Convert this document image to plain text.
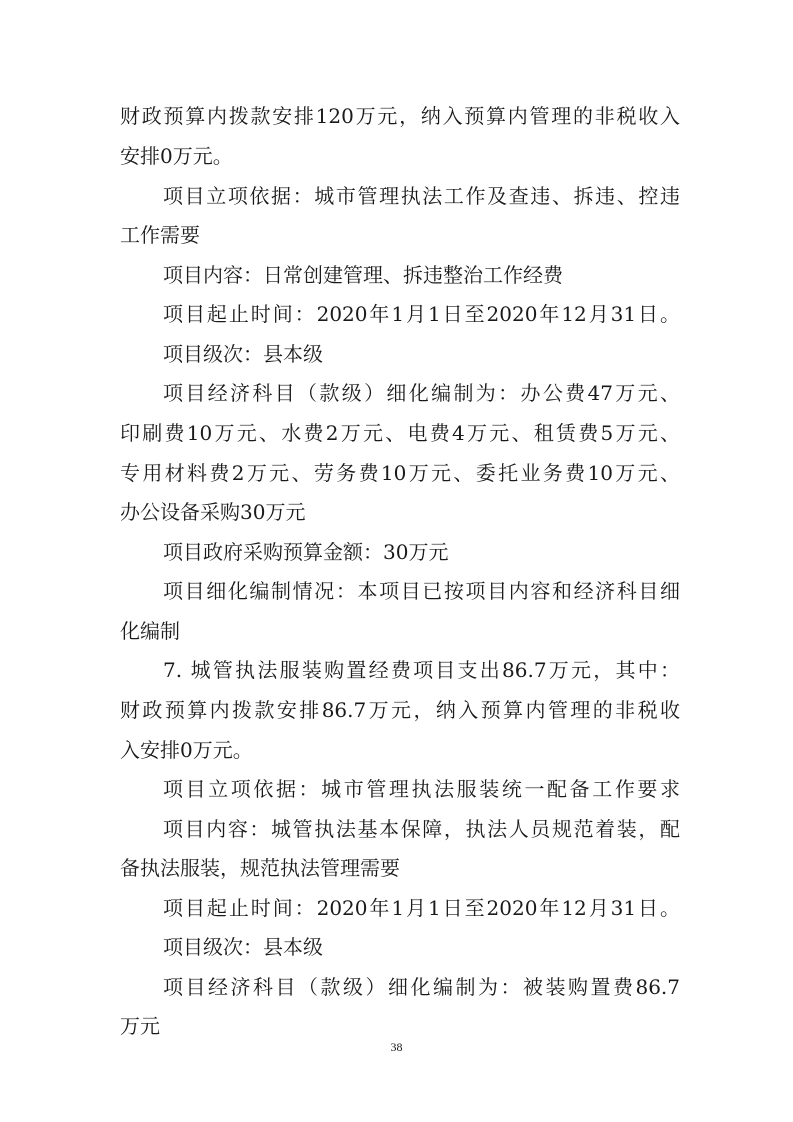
财政预算内拨款安排120万元，纳入预算内管理的非税收入
安排0万元。
项目立项依据：城市管理执法工作及查违、拆违、控违
工作需要
项目内容：日常创建管理、拆违整治工作经费
项目起止时间：2020年1月1日至2020年12月31日。
项目级次：县本级
项目经济科目（款级）细化编制为：办公费47万元、
印刷费10万元、水费2万元、电费4万元、租赁费5万元、
专用材料费2万元、劳务费10万元、委托业务费10万元、
办公设备采购30万元
项目政府采购预算金额：30万元
项目细化编制情况：本项目已按项目内容和经济科目细
化编制
7. 城管执法服装购置经费项目支出86.7万元，其中：
财政预算内拨款安排86.7万元，纳入预算内管理的非税收
入安排0万元。
项目立项依据：城市管理执法服装统一配备工作要求
项目内容：城管执法基本保障，执法人员规范着装，配
备执法服装，规范执法管理需要
项目起止时间：2020年1月1日至2020年12月31日。
项目级次：县本级
项目经济科目（款级）细化编制为：被装购置费86.7
万元
38
